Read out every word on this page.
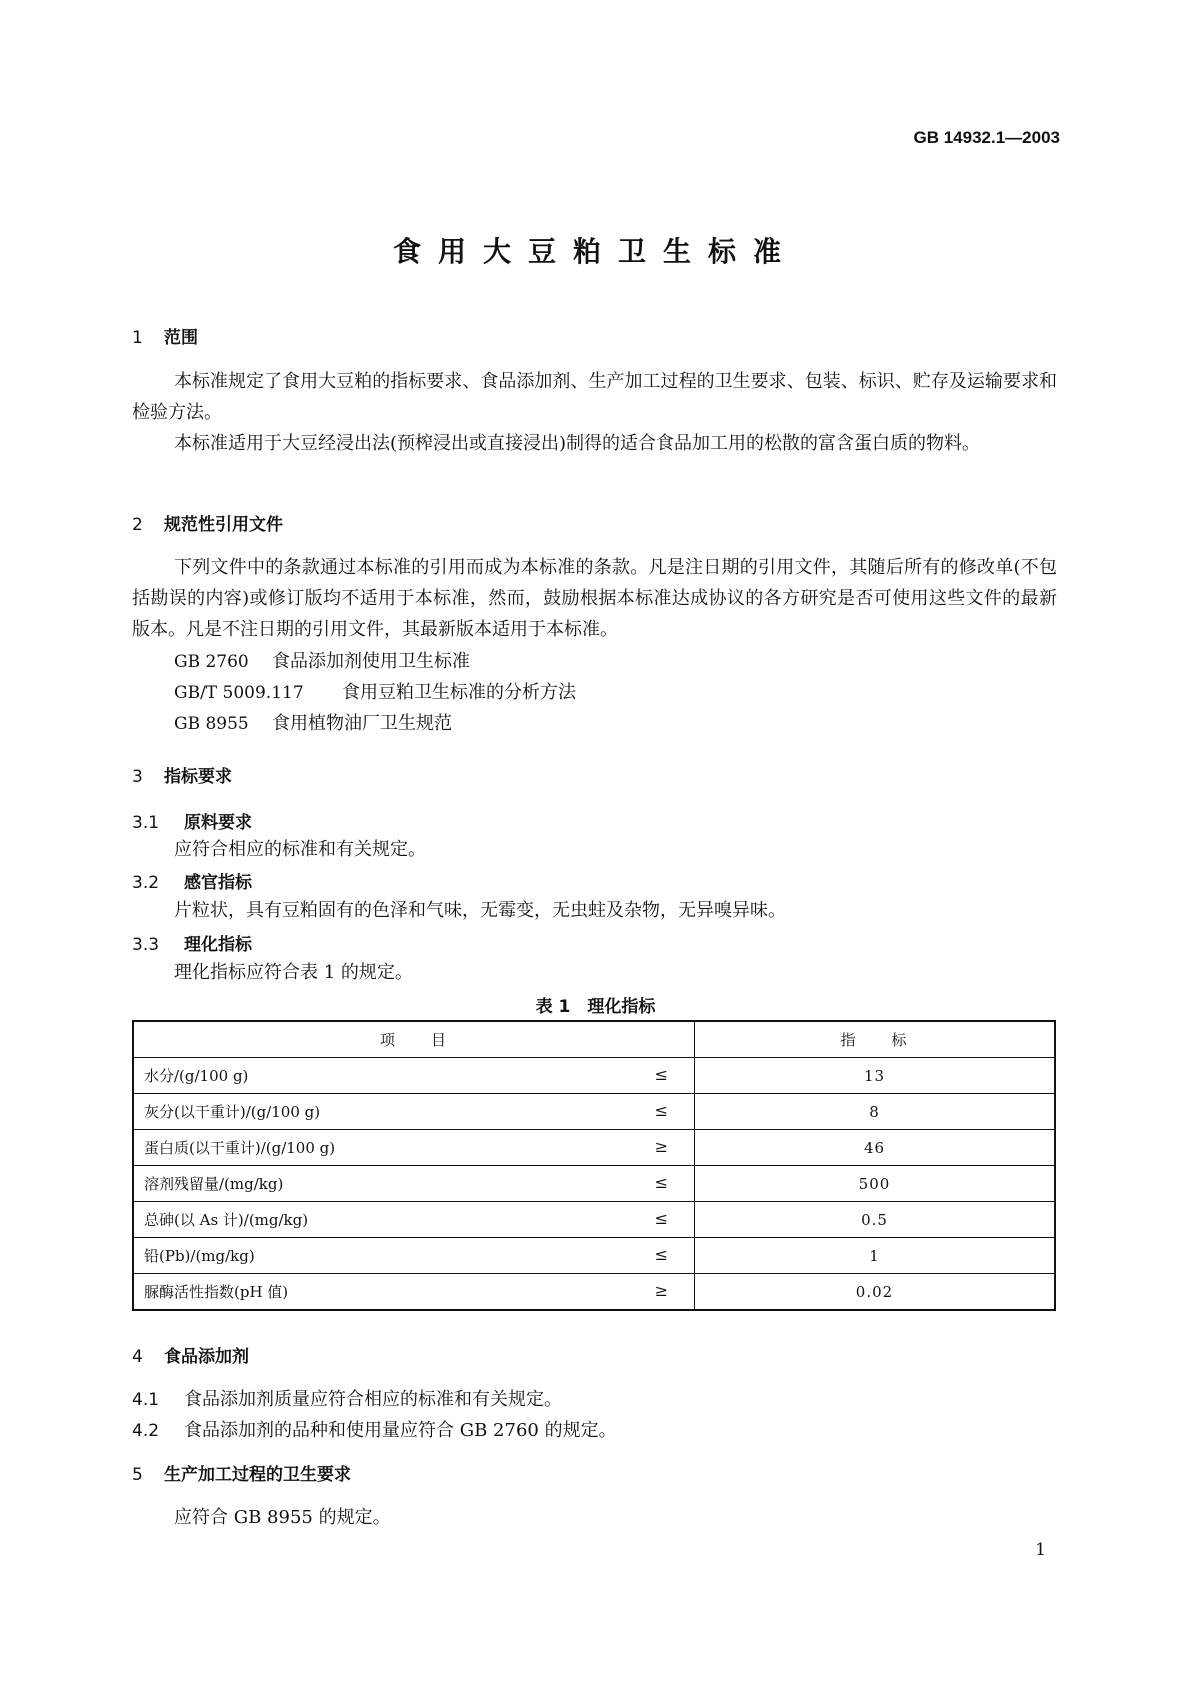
GB 14932.1—2003
食用大豆粕卫生标准
1 范围

本标准规定了食用大豆粕的指标要求、食品添加剂、生产加工过程的卫生要求、包装、标识、贮存及运输要求和检验方法。

本标准适用于大豆经浸出法(预榨浸出或直接浸出)制得的适合食品加工用的松散的富含蛋白质的物料。

2 规范性引用文件

下列文件中的条款通过本标准的引用而成为本标准的条款。凡是注日期的引用文件，其随后所有的修改单(不包括勘误的内容)或修订版均不适用于本标准，然而，鼓励根据本标准达成协议的各方研究是否可使用这些文件的最新版本。凡是不注日期的引用文件，其最新版本适用于本标准。

GB 2760 食品添加剂使用卫生标准
GB/T 5009.117 食用豆粕卫生标准的分析方法
GB 8955 食用植物油厂卫生规范
3 指标要求
3.1 原料要求
应符合相应的标准和有关规定。
3.2 感官指标
片粒状，具有豆粕固有的色泽和气味，无霉变，无虫蛀及杂物，无异嗅异味。
3.3 理化指标
理化指标应符合表 1 的规定。
表 1　理化指标
项　　目	指　　标
水分/(g/100 g) ≤	13
灰分(以干重计)/(g/100 g) ≤	8
蛋白质(以干重计)/(g/100 g) ≥	46
溶剂残留量/(mg/kg) ≤	500
总砷(以 As 计)/(mg/kg) ≤	0.5
铅(Pb)/(mg/kg) ≤	1
脲酶活性指数(pH 值) ≥	0.02
4 食品添加剂
4.1 食品添加剂质量应符合相应的标准和有关规定。
4.2 食品添加剂的品种和使用量应符合 GB 2760 的规定。
5 生产加工过程的卫生要求
应符合 GB 8955 的规定。
1
